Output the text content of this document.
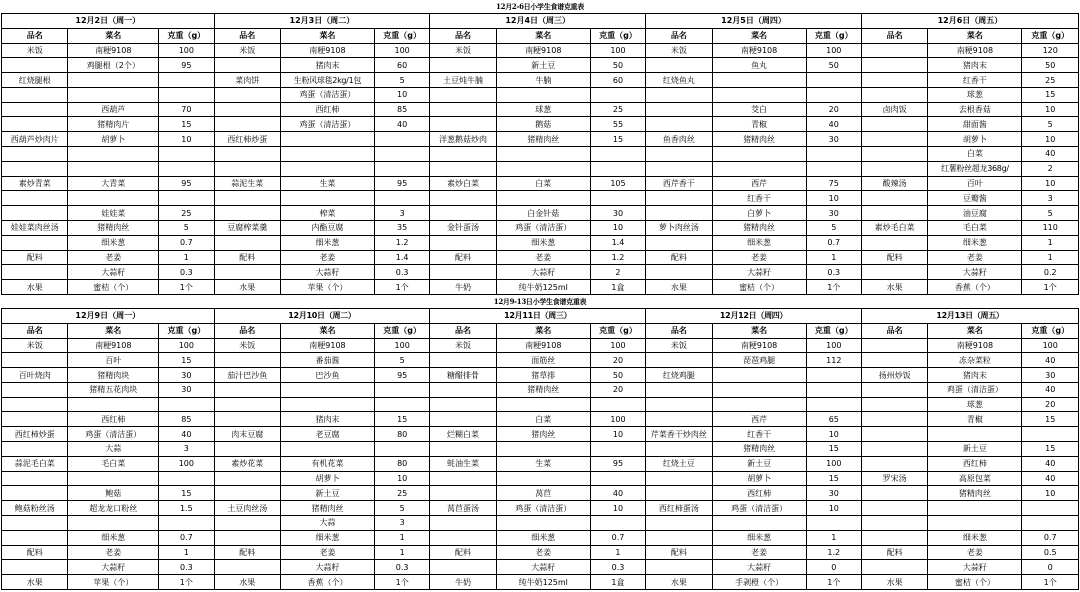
12月2-6日小学生食谱克重表
12月2日（周一）			12月3日（周二）			12月4日（周三）			12月5日（周四）			12月6日（周五）		
品名	菜名	克重（g）	品名	菜名	克重（g）	品名	菜名	克重（g）	品名	菜名	克重（g）	品名	菜名	克重（g）
米饭	南粳9108	100	米饭	南粳9108	100	米饭	南粳9108	100	米饭	南粳9108	100		南粳9108	120
	鸡腿根（2个）	95		猪肉末	60		新土豆	50		鱼丸	50		猪肉末	50
红烧腿根			菜肉饼	生粉风球毯2kg/1包	5	土豆炖牛腩	牛腩	60	红烧鱼丸				红香干	25
				鸡蛋（清洁蛋）	10								球葱	15
	西葫芦	70		西红柿	85		球葱	25		茭白	20	卤肉饭	去根香菇	10
	猪精肉片	15		鸡蛋（清洁蛋）	40		鹅菇	55		青椒	40		甜面酱	5
西葫芦炒肉片	胡萝卜	10	西红柿炒蛋			洋葱鹅菇炒肉	猪精肉丝	15	鱼香肉丝	猪精肉丝	30		胡萝卜	10
													白菜	40
													红薯粉丝超龙368g/	2
素炒青菜	大青菜	95	蒜泥生菜	生菜	95	素炒白菜	白菜	105	西芹香干	西芹	75	酸辣汤	百叶	10
										红香干	10		豆瓣酱	3
	娃娃菜	25		榨菜	3		白金针菇	30		白萝卜	30		油豆腐	5
娃娃菜肉丝汤	猪精肉丝	5	豆腐榨菜羹	内酯豆腐	35	金针蛋汤	鸡蛋（清洁蛋）	10	萝卜肉丝汤	猪精肉丝	5	素炒毛白菜	毛白菜	110
	细米葱	0.7		细米葱	1.2		细米葱	1.4		细米葱	0.7		细米葱	1
配料	老姜	1	配料	老姜	1.4	配料	老姜	1.2	配料	老姜	1	配料	老姜	1
	大蒜籽	0.3		大蒜籽	0.3		大蒜籽	2		大蒜籽	0.3		大蒜籽	0.2
水果	蜜桔（个）	1个	水果	苹果（个）	1个	牛奶	纯牛奶125ml	1盒	水果	蜜桔（个）	1个	水果	香蕉（个）	1个
12月9-13日小学生食谱克重表
12月9日（周一）			12月10日（周二）			12月11日（周三）			12月12日（周四）			12月13日（周五）		
品名	菜名	克重（g）	品名	菜名	克重（g）	品名	菜名	克重（g）	品名	菜名	克重（g）	品名	菜名	克重（g）
米饭	南粳9108	100	米饭	南粳9108	100	米饭	南粳9108	100	米饭	南粳9108	100		南粳9108	100
	百叶	15		番茄酱	5		面筋丝	20		琵琶鸡腿	112		冻杂菜粒	40
百叶烧肉	猪精肉块	30	茄汁巴沙鱼	巴沙鱼	95	糖醋排骨	猪草排	50	红烧鸡腿			扬州炒饭	猪肉末	30
	猪精五花肉块	30					猪精肉丝	20					鸡蛋（清洁蛋）	40
													球葱	20
	西红柿	85		猪肉末	15		白菜	100		西芹	65		青椒	15
西红柿炒蛋	鸡蛋（清洁蛋）	40	肉末豆腐	老豆腐	80	烂糊白菜	猪肉丝	10	芹菜香干炒肉丝	红香干	10			
	大蒜	3								猪精肉丝	15		新土豆	15
蒜泥毛白菜	毛白菜	100	素炒花菜	有机花菜	80	蚝油生菜	生菜	95	红烧土豆	新土豆	100		西红柿	40
				胡萝卜	10					胡萝卜	15	罗宋汤	高原包菜	40
	鲍菇	15		新土豆	25		莴苣	40		西红柿	30		猪精肉丝	10
鲍菇粉丝汤	超龙龙口粉丝	1.5	土豆肉丝汤	猪精肉丝	5	莴苣蛋汤	鸡蛋（清洁蛋）	10	西红柿蛋汤	鸡蛋（清洁蛋）	10			
				大蒜	3									
	细米葱	0.7		细米葱	1		细米葱	0.7		细米葱	1		细米葱	0.7
配料	老姜	1	配料	老姜	1	配料	老姜	1	配料	老姜	1.2	配料	老姜	0.5
	大蒜籽	0.3		大蒜籽	0.3		大蒜籽	0.3		大蒜籽	0		大蒜籽	0
水果	苹果（个）	1个	水果	香蕉（个）	1个	牛奶	纯牛奶125ml	1盒	水果	手剥橙（个）	1个	水果	蜜桔（个）	1个
